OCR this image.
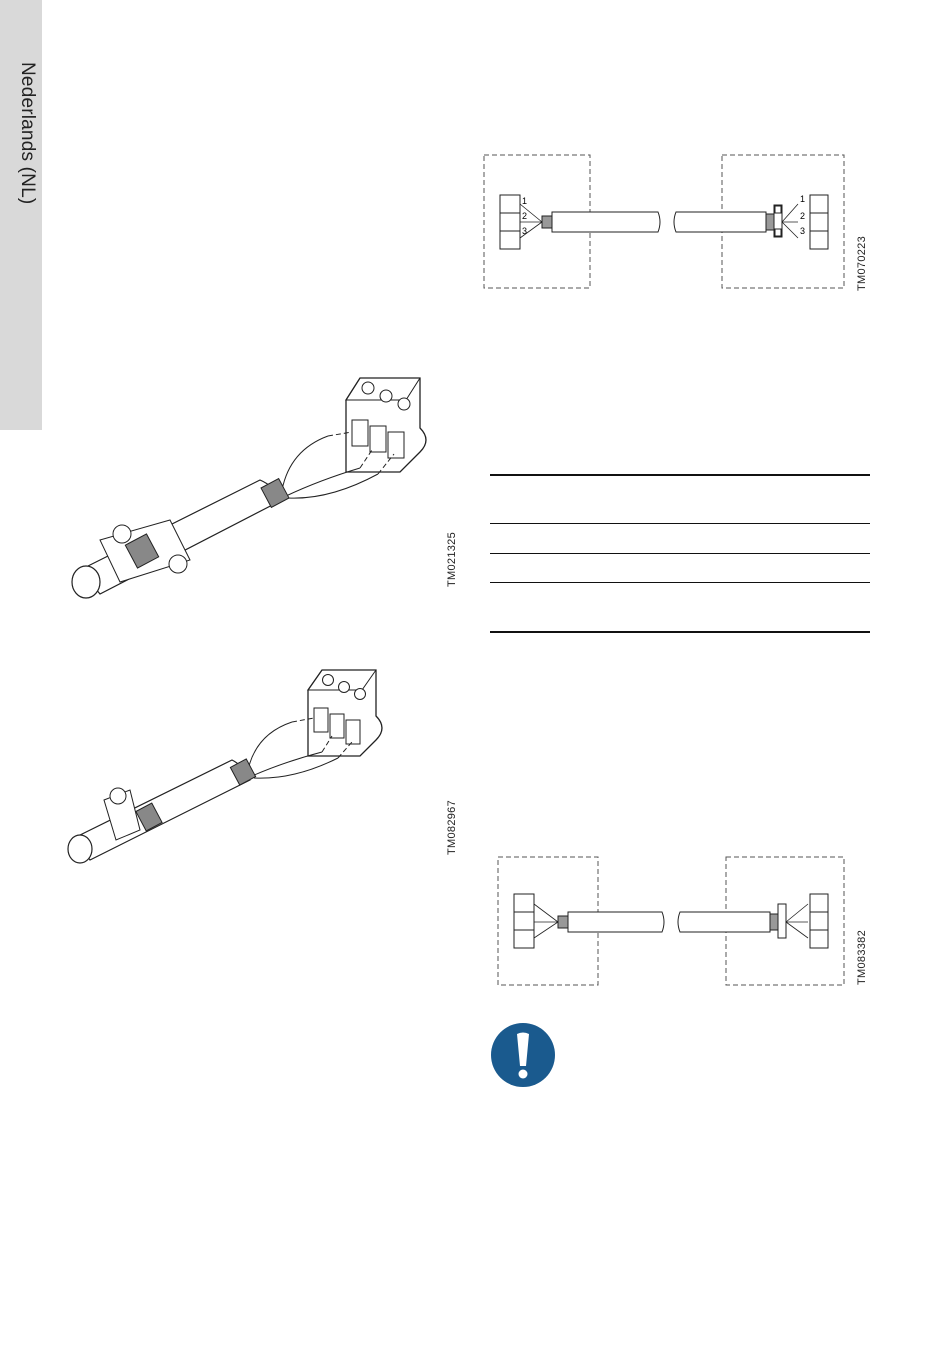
Nederlands (NL)	1
2
3
1
2
3
TM070223
TM021325
TM082967
TM083382
